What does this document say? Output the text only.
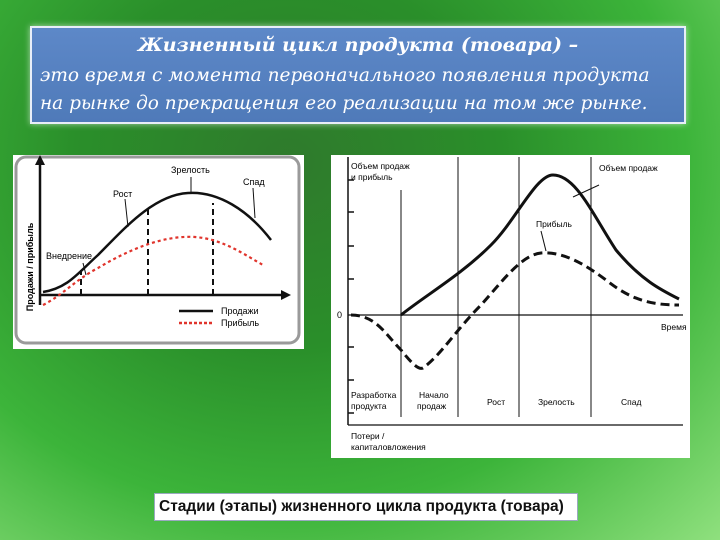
Жизненный цикл продукта (товара) –
это время с момента первоначального появления продукта
на рынке до прекращения его реализации на том же рынке.
Продажи / прибыль Внедрение
Рост
Зрелость
Спад
Продажи
Прибыль
0
Объем продаж
и прибыль
Объем продаж
Прибыль
Время
Разработка
продукта
Начало
продаж	Рост	Зрелость	Спад
Потери /
капиталовложения
Стадии (этапы) жизненного цикла продукта (товара)
